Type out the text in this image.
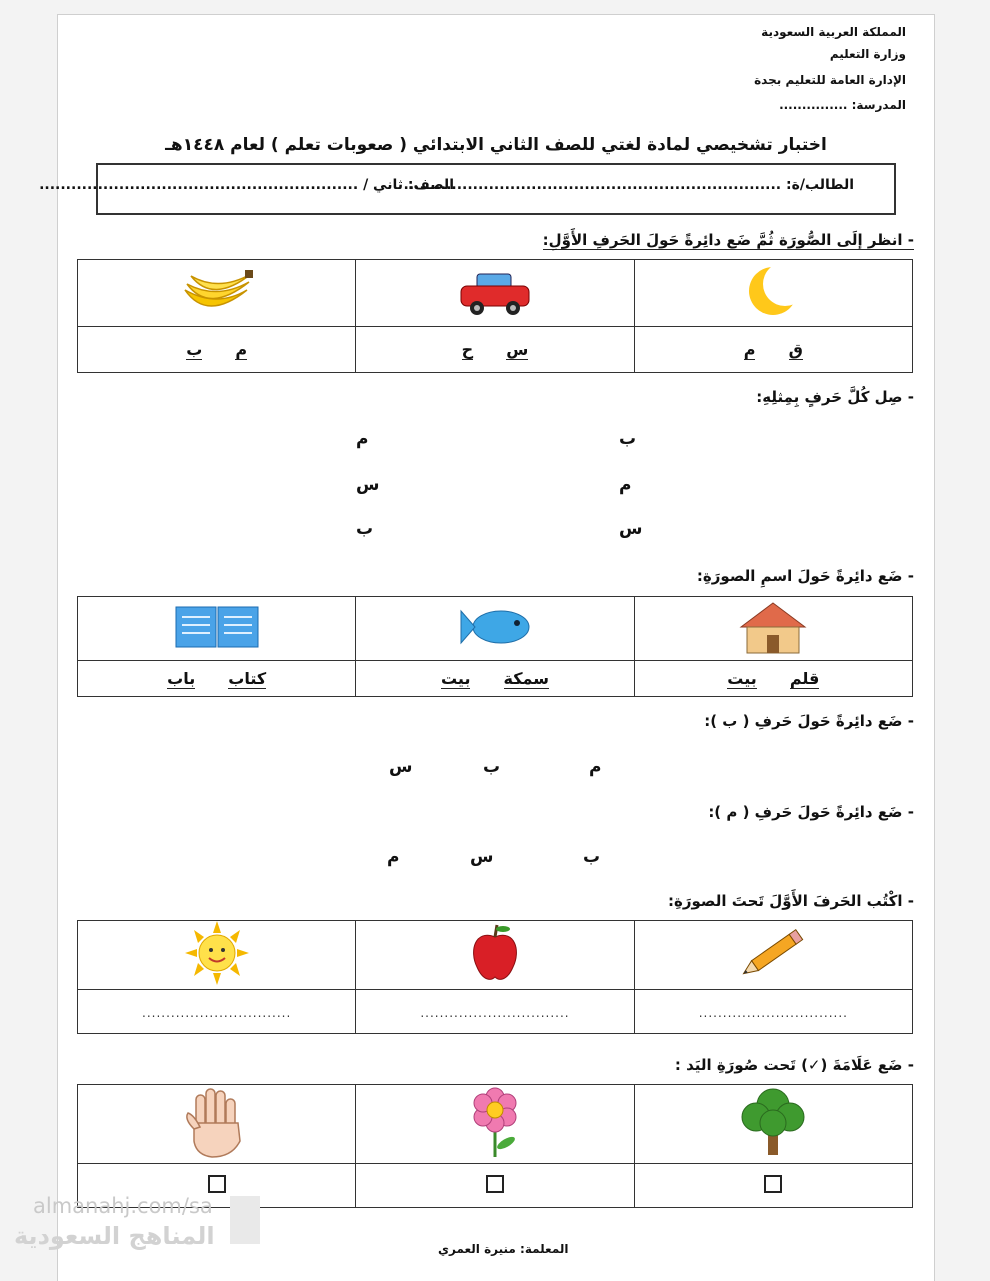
المملكة العربية السعودية
وزارة التعليم
الإدارة العامة للتعليم بجدة
المدرسة: ...............
اختبار تشخيصي لمادة لغتي للصف الثاني الابتدائي ( صعوبات تعلم ) لعام ١٤٤٨هـ
الطالب/ة: .......................................................................
الصف: ثاني / ............................................................
- انظر إلَى الصُّورَة ثُمَّ ضَع دائِرةً حَولَ الحَرفِ الأَوَّلِ:

م ب	س ح	ق م
- صِل كُلَّ حَرفٍ بِمِثلِهِ:
ب
م
س
م
س
ب
- ضَع دائِرةً حَولَ اسمِ الصورَةِ:

كتاب باب	سمكة بيت	قلم بيت
- ضَع دائِرةً حَولَ حَرفِ ( ب ):
م
ب
س
- ضَع دائِرةً حَولَ حَرفِ ( م ):
ب
س
م
- اكْتُب الحَرفَ الأَوَّلَ تَحتَ الصورَةِ:

...............................	...............................	...............................
- ضَع عَلَامَةَ (✓) تَحت صُورَةِ اليَد :

المعلمة: منيرة العمري
almanahj.com/sa
المناهج السعودية
